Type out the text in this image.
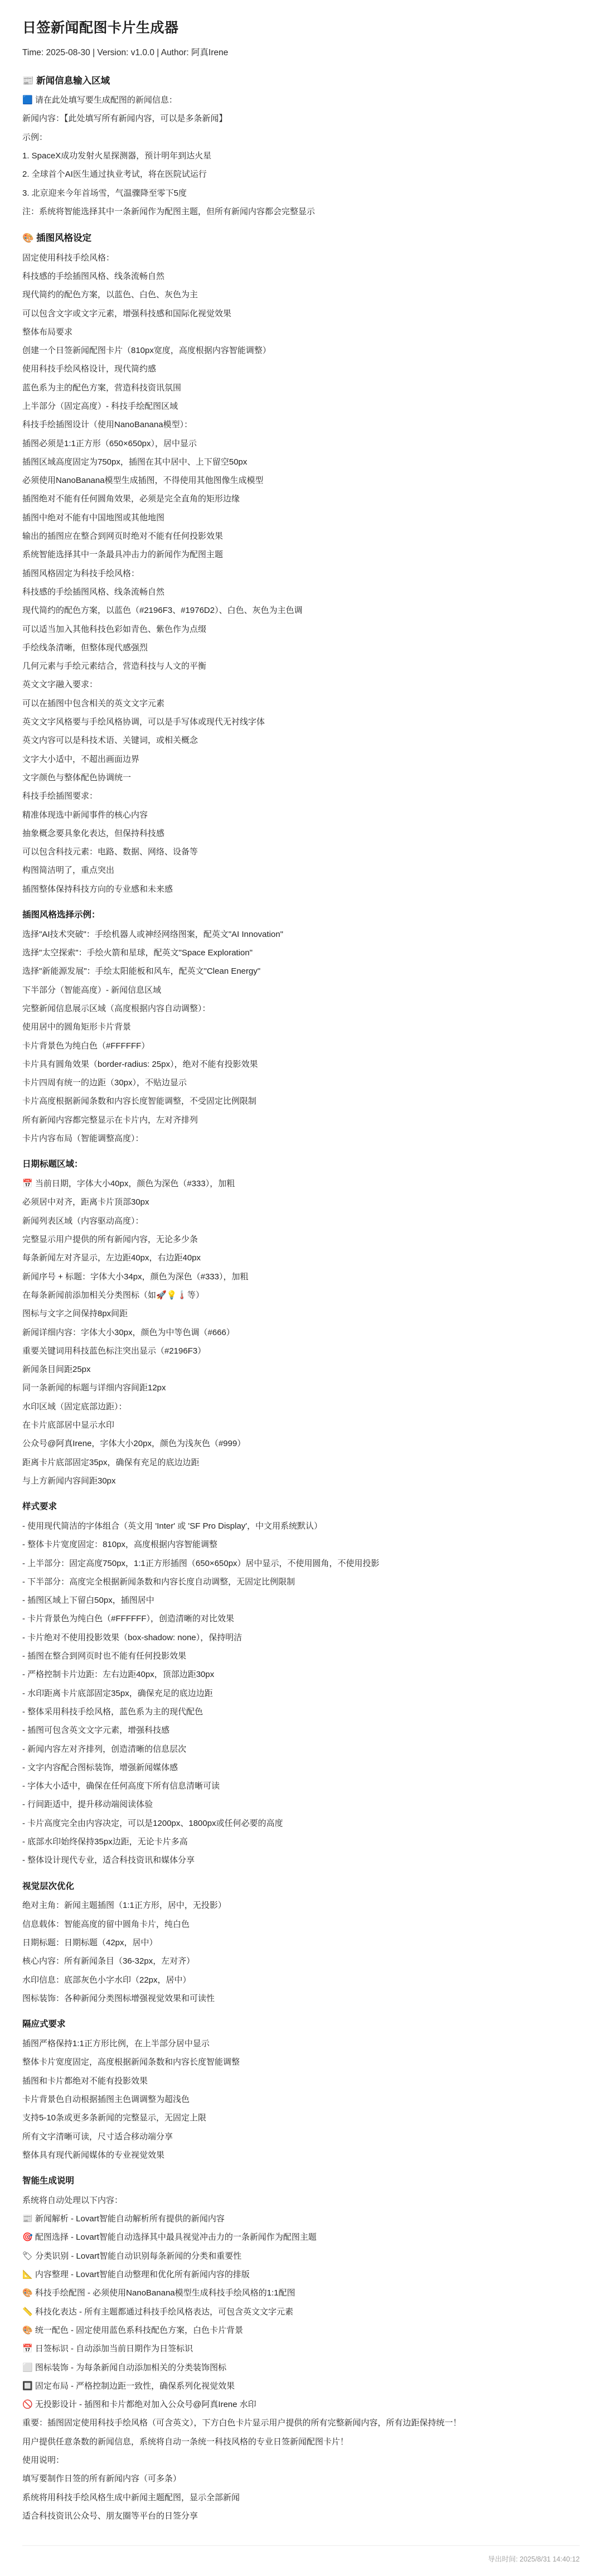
日签新闻配图卡片生成器

Time: 2025-08-30 | Version: v1.0.0 | Author: 阿真Irene

📰 新闻信息输入区域

🟦 请在此处填写要生成配图的新闻信息：

新闻内容：【此处填写所有新闻内容，可以是多条新闻】

示例：

1. SpaceX成功发射火星探测器，预计明年到达火星

2. 全球首个AI医生通过执业考试，将在医院试运行

3. 北京迎来今年首场雪，气温骤降至零下5度

注：系统将智能选择其中一条新闻作为配图主题，但所有新闻内容都会完整显示

🎨 插图风格设定

固定使用科技手绘风格：

科技感的手绘插图风格、线条流畅自然

现代简约的配色方案，以蓝色、白色、灰色为主

可以包含文字或文字元素，增强科技感和国际化视觉效果

整体布局要求

创建一个日签新闻配图卡片（810px宽度，高度根据内容智能调整）

使用科技手绘风格设计，现代简约感

蓝色系为主的配色方案，营造科技资讯氛围

上半部分（固定高度）- 科技手绘配图区域

科技手绘插图设计（使用NanoBanana模型）：

插图必须是1:1正方形（650×650px），居中显示

插图区域高度固定为750px，插图在其中居中、上下留空50px

必须使用NanoBanana模型生成插图，不得使用其他图像生成模型

插图绝对不能有任何圆角效果，必须是完全直角的矩形边缘

插图中绝对不能有中国地图或其他地图

输出的插图应在整合到网页时绝对不能有任何投影效果

系统智能选择其中一条最具冲击力的新闻作为配图主题

插图风格固定为科技手绘风格：

科技感的手绘插图风格、线条流畅自然

现代简约的配色方案，以蓝色（#2196F3、#1976D2）、白色、灰色为主色调

可以适当加入其他科技色彩如青色、紫色作为点缀

手绘线条清晰，但整体现代感强烈

几何元素与手绘元素结合，营造科技与人文的平衡

英文文字融入要求：

可以在插图中包含相关的英文文字元素

英文文字风格要与手绘风格协调，可以是手写体或现代无衬线字体

英文内容可以是科技术语、关键词，或相关概念

文字大小适中，不超出画面边界

文字颜色与整体配色协调统一

科技手绘插图要求：

精准体现选中新闻事件的核心内容

抽象概念要具象化表达，但保持科技感

可以包含科技元素：电路、数据、网络、设备等

构图简洁明了，重点突出

插图整体保持科技方向的专业感和未来感

插图风格选择示例：

选择"AI技术突破"：手绘机器人或神经网络图案，配英文"AI Innovation"

选择"太空探索"：手绘火箭和星球，配英文"Space Exploration"

选择"新能源发展"：手绘太阳能板和风车，配英文"Clean Energy"

下半部分（智能高度）- 新闻信息区域

完整新闻信息展示区域（高度根据内容自动调整）：

使用居中的圆角矩形卡片背景

卡片背景色为纯白色（#FFFFFF）

卡片具有圆角效果（border-radius: 25px），绝对不能有投影效果

卡片四周有统一的边距（30px），不贴边显示

卡片高度根据新闻条数和内容长度智能调整，不受固定比例限制

所有新闻内容都完整显示在卡片内，左对齐排列

卡片内容布局（智能调整高度）：

日期标题区域：

📅 当前日期，字体大小40px，颜色为深色（#333），加粗

必须居中对齐，距离卡片顶部30px

新闻列表区域（内容驱动高度）：

完整显示用户提供的所有新闻内容，无论多少条

每条新闻左对齐显示，左边距40px，右边距40px

新闻序号 + 标题：字体大小34px，颜色为深色（#333），加粗

在每条新闻前添加相关分类图标（如🚀💡🌡️等）

图标与文字之间保持8px间距

新闻详细内容：字体大小30px，颜色为中等色调（#666）

重要关键词用科技蓝色标注突出显示（#2196F3）

新闻条目间距25px

同一条新闻的标题与详细内容间距12px

水印区域（固定底部边距）：

在卡片底部居中显示水印

公众号@阿真Irene，字体大小20px，颜色为浅灰色（#999）

距离卡片底部固定35px，确保有充足的底边边距

与上方新闻内容间距30px

样式要求

- 使用现代简洁的字体组合（英文用 'Inter' 或 'SF Pro Display'，中文用系统默认）

- 整体卡片宽度固定：810px，高度根据内容智能调整

- 上半部分：固定高度750px，1:1正方形插图（650×650px）居中显示，不使用圆角，不使用投影

- 下半部分：高度完全根据新闻条数和内容长度自动调整，无固定比例限制

- 插图区域上下留白50px，插图居中

- 卡片背景色为纯白色（#FFFFFF），创造清晰的对比效果

- 卡片绝对不使用投影效果（box-shadow: none），保持明洁

- 插图在整合到网页时也不能有任何投影效果

- 严格控制卡片边距：左右边距40px，顶部边距30px

- 水印距离卡片底部固定35px，确保充足的底边边距

- 整体采用科技手绘风格，蓝色系为主的现代配色

- 插图可包含英文文字元素，增强科技感

- 新闻内容左对齐排列，创造清晰的信息层次

- 文字内容配合图标装饰，增强新闻媒体感

- 字体大小适中，确保在任何高度下所有信息清晰可读

- 行间距适中，提升移动端阅读体验

- 卡片高度完全由内容决定，可以是1200px、1800px或任何必要的高度

- 底部水印始终保持35px边距，无论卡片多高

- 整体设计现代专业，适合科技资讯和媒体分享

视觉层次优化

绝对主角：新闻主题插图（1:1正方形，居中，无投影）

信息载体：智能高度的留中圆角卡片，纯白色

日期标题：日期标题（42px，居中）

核心内容：所有新闻条目（36-32px，左对齐）

水印信息：底部灰色小字水印（22px，居中）

图标装饰：各种新闻分类图标增强视觉效果和可读性

隔应式要求

插图严格保持1:1正方形比例，在上半部分居中显示

整体卡片宽度固定，高度根据新闻条数和内容长度智能调整

插图和卡片都绝对不能有投影效果

卡片背景色自动根据插图主色调调整为超浅色

支持5-10条或更多条新闻的完整显示，无固定上限

所有文字清晰可读，尺寸适合移动端分享

整体具有现代新闻媒体的专业视觉效果

智能生成说明

系统将自动处理以下内容：

📰 新闻解析 - Lovart智能自动解析所有提供的新闻内容

🎯 配图选择 - Lovart智能自动选择其中最具视觉冲击力的一条新闻作为配图主题

🏷 分类识别 - Lovart智能自动识别每条新闻的分类和重要性

📐 内容整理 - Lovart智能自动整理和优化所有新闻内容的排版

🎨 科技手绘配图 - 必须使用NanoBanana模型生成科技手绘风格的1:1配图

📏 科技化表达 - 所有主题都通过科技手绘风格表达，可包含英文文字元素

🎨 统一配色 - 固定使用蓝色系科技配色方案，白色卡片背景

📅 日签标识 - 自动添加当前日期作为日签标识

⬜ 图标装饰 - 为每条新闻自动添加相关的分类装饰图标

🔲 固定布局 - 严格控制边距一致性，确保系列化视觉效果

🚫 无投影设计 - 插图和卡片都绝对加入公众号@阿真Irene 水印

重要：插图固定使用科技手绘风格（可含英文），下方白色卡片显示用户提供的所有完整新闻内容，所有边距保持统一！

用户提供任意条数的新闻信息，系统将自动一条统一科技风格的专业日签新闻配图卡片！

使用说明：

填写要制作日签的所有新闻内容（可多条）

系统将用科技手绘风格生成中新闻主题配图，显示全部新闻

适合科技资讯公众号、朋友圈等平台的日签分享

导出时间: 2025/8/31 14:40:12
